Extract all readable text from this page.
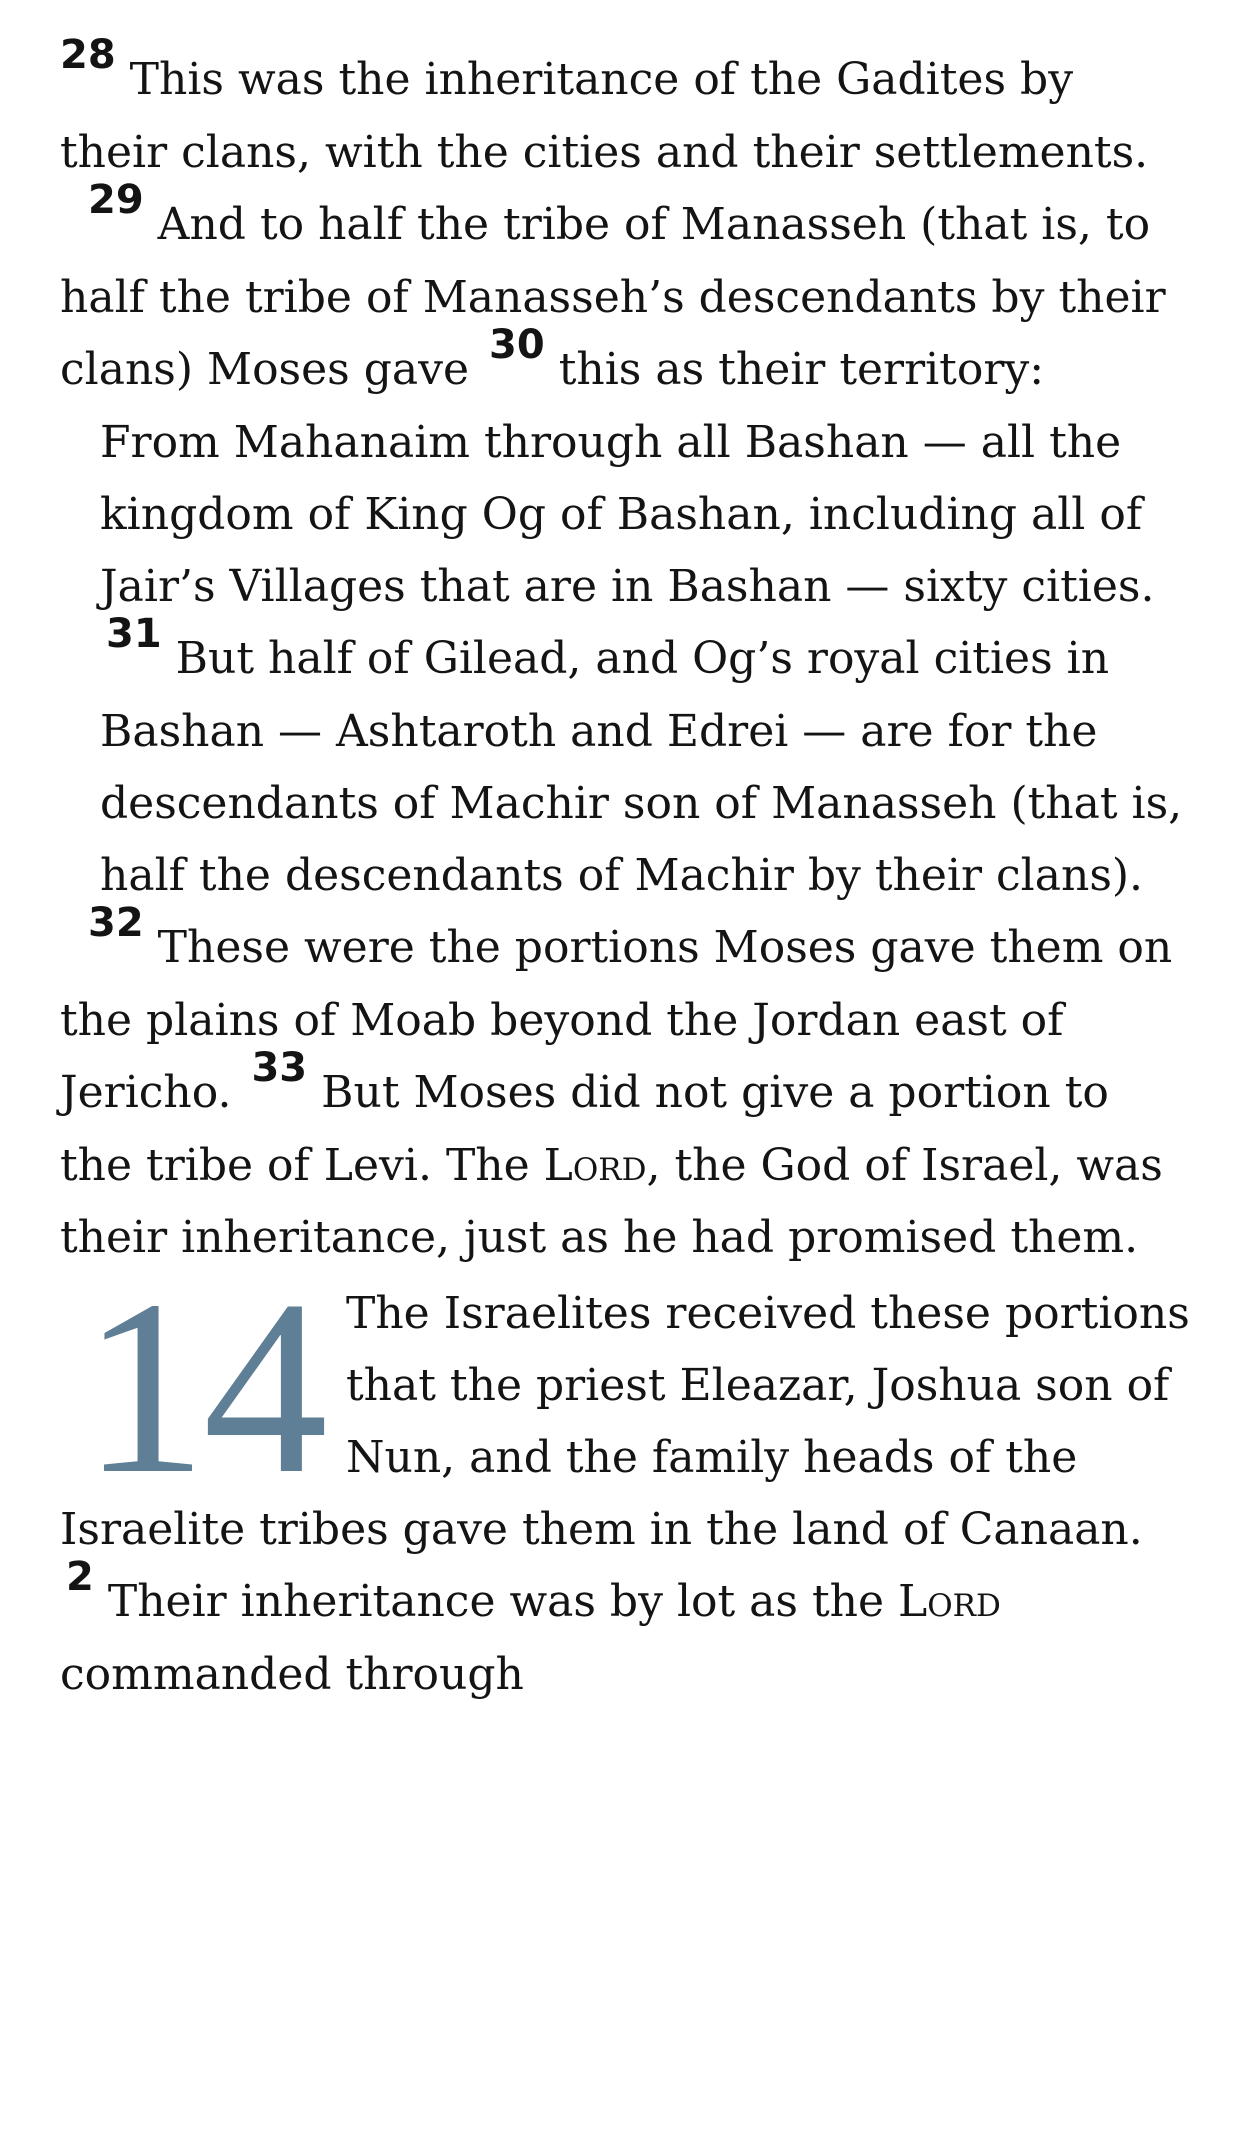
28 This was the inheritance of the Gadites by their clans, with the cities and their settlements.

29 And to half the tribe of Manasseh (that is, to half the tribe of Manasseh’s descendants by their clans) Moses gave 30 this as their territory:

From Mahanaim through all Bashan — all the kingdom of King Og of Bashan, including all of Jair’s Villages that are in Bashan — sixty cities. 31 But half of Gilead, and Og’s royal cities in Bashan — Ashtaroth and Edrei — are for the descendants of Machir son of Manasseh (that is, half the descendants of Machir by their clans).

32 These were the portions Moses gave them on the plains of Moab beyond the Jordan east of Jericho. 33 But Moses did not give a portion to the tribe of Levi. The Lord, the God of Israel, was their inheritance, just as he had promised them.

14 The Israelites received these portions that the priest Eleazar, Joshua son of Nun, and the family heads of the Israelite tribes gave them in the land of Canaan. 2 Their inheritance was by lot as the Lord commanded through
